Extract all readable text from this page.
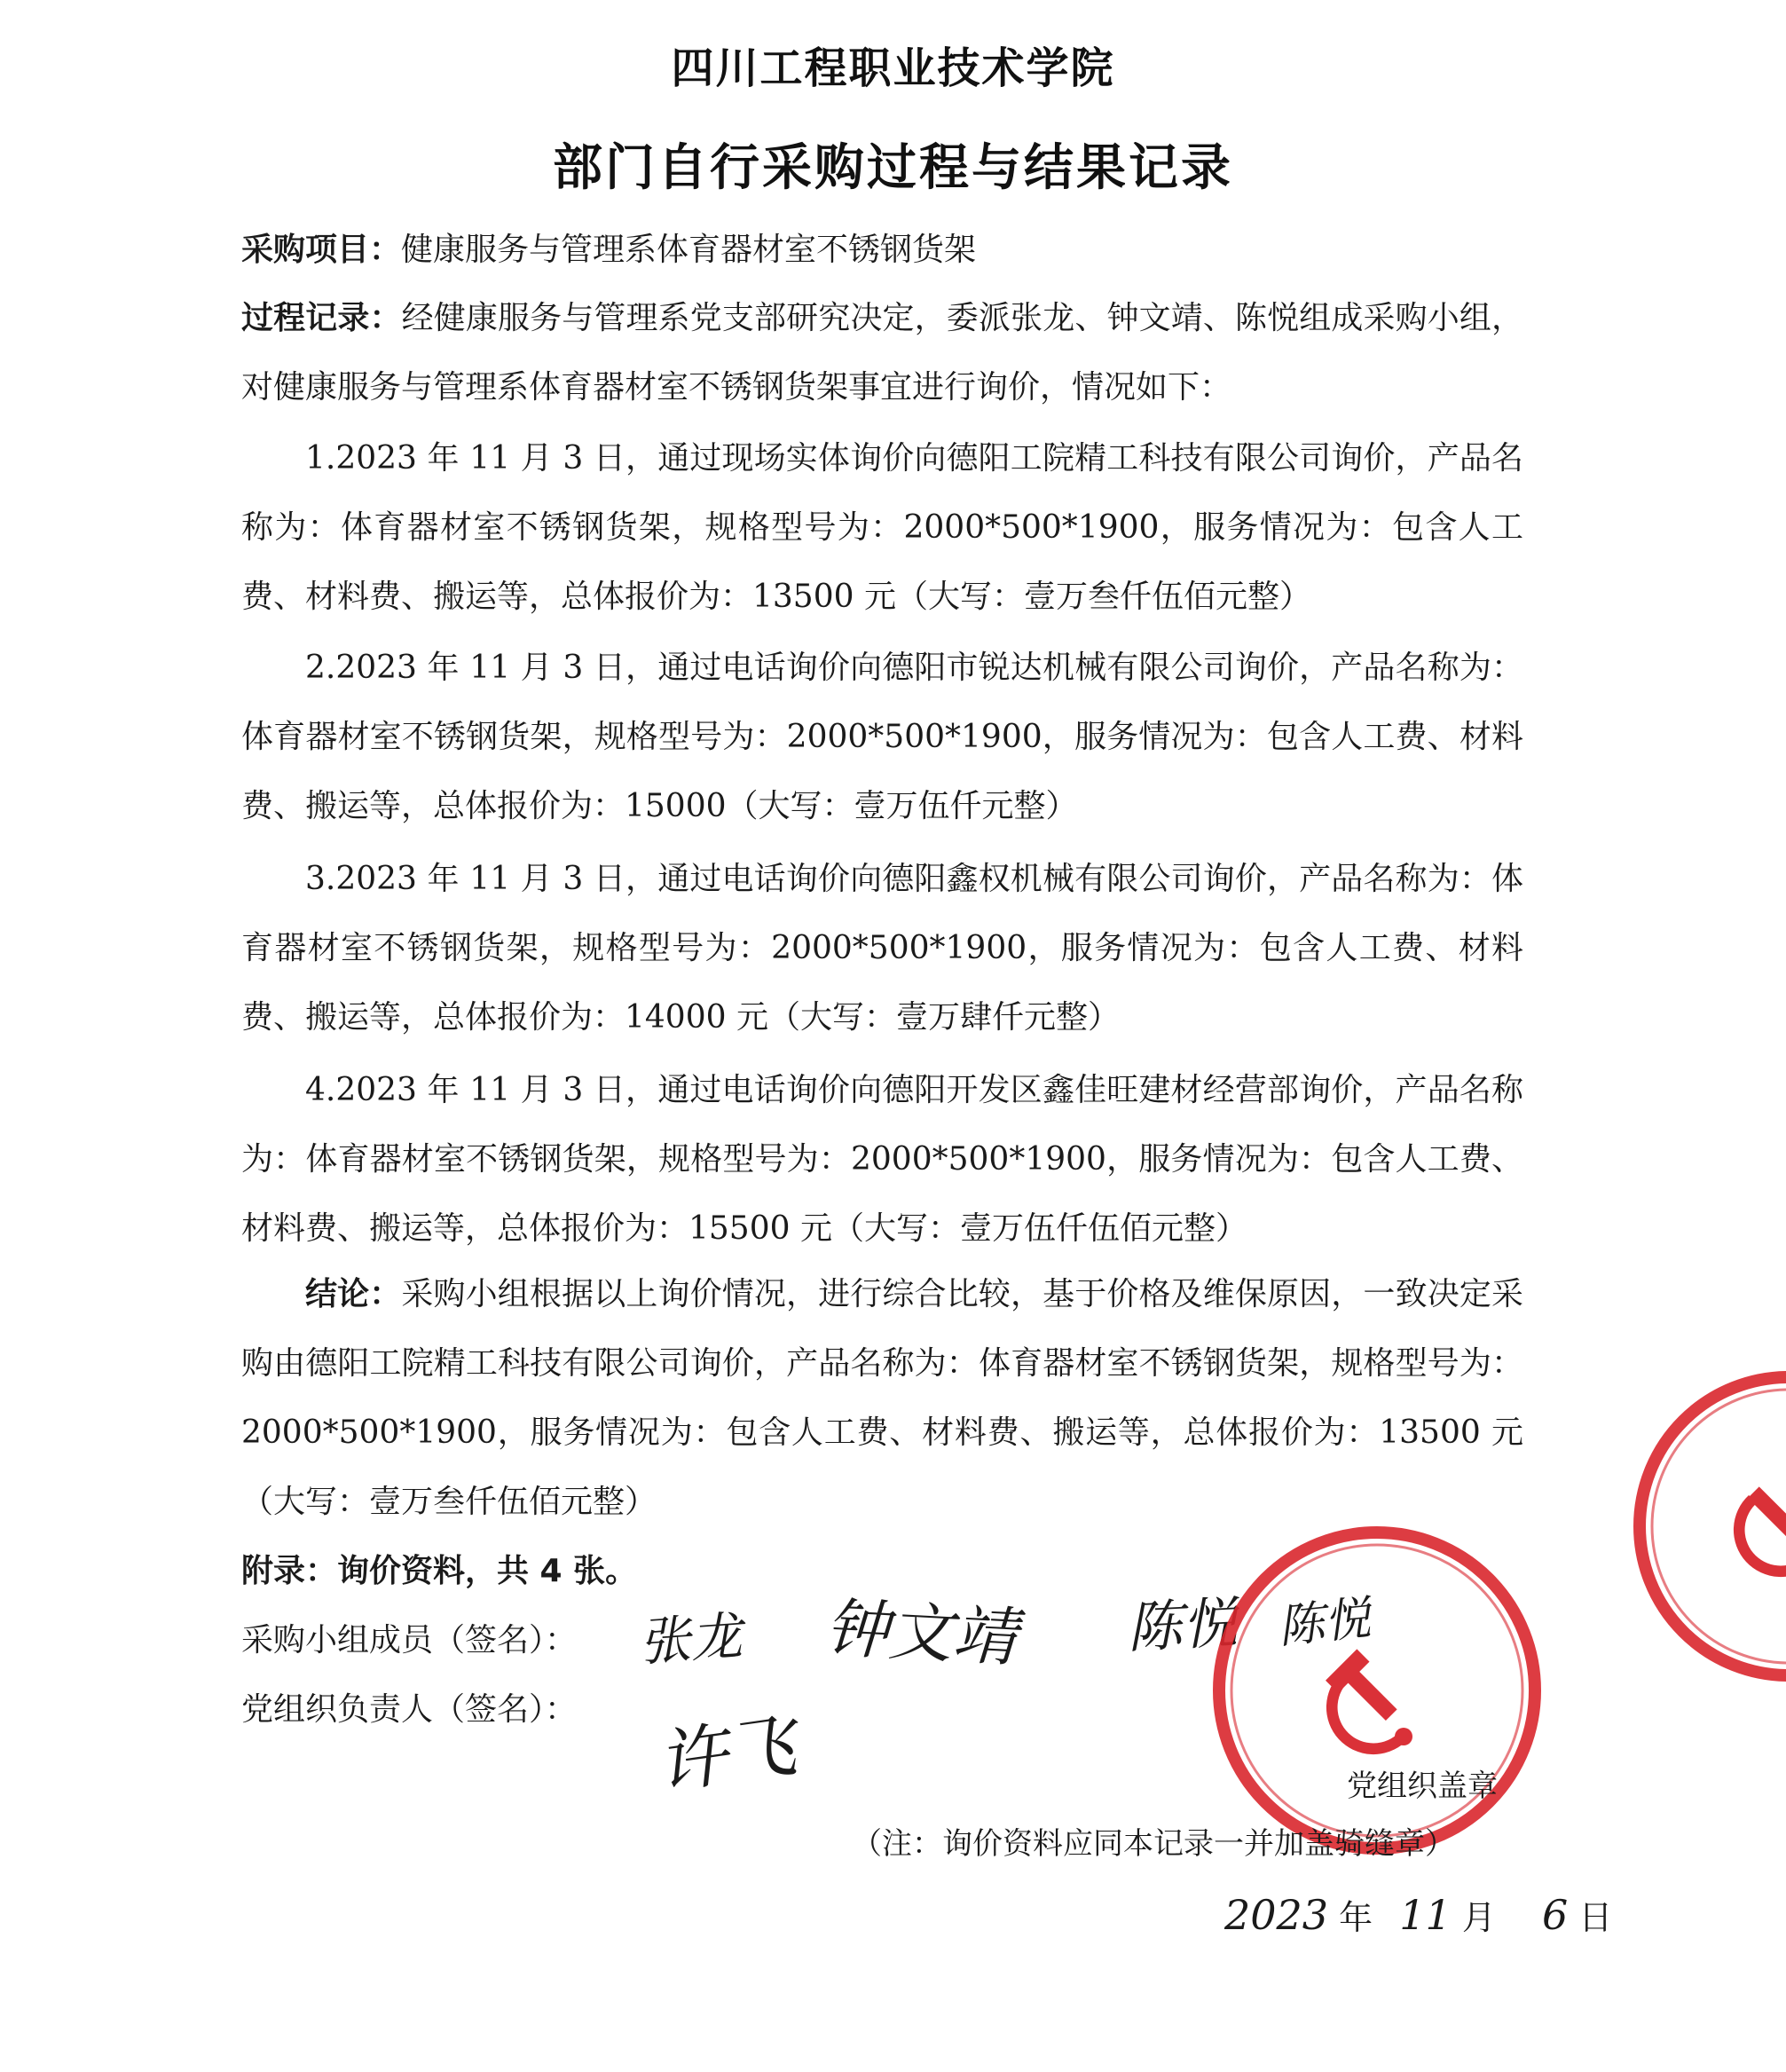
四川工程职业技术学院
部门自行采购过程与结果记录
采购项目：健康服务与管理系体育器材室不锈钢货架
过程记录：经健康服务与管理系党支部研究决定，委派张龙、钟文靖、陈悦组成采购小组，对健康服务与管理系体育器材室不锈钢货架事宜进行询价，情况如下：
1.2023 年 11 月 3 日，通过现场实体询价向德阳工院精工科技有限公司询价，产品名称为：体育器材室不锈钢货架，规格型号为：2000*500*1900，服务情况为：包含人工费、材料费、搬运等，总体报价为：13500 元（大写：壹万叁仟伍佰元整）
2.2023 年 11 月 3 日，通过电话询价向德阳市锐达机械有限公司询价，产品名称为：体育器材室不锈钢货架，规格型号为：2000*500*1900，服务情况为：包含人工费、材料费、搬运等，总体报价为：15000（大写：壹万伍仟元整）
3.2023 年 11 月 3 日，通过电话询价向德阳鑫权机械有限公司询价，产品名称为：体育器材室不锈钢货架，规格型号为：2000*500*1900，服务情况为：包含人工费、材料费、搬运等，总体报价为：14000 元（大写：壹万肆仟元整）
4.2023 年 11 月 3 日，通过电话询价向德阳开发区鑫佳旺建材经营部询价，产品名称为：体育器材室不锈钢货架，规格型号为：2000*500*1900，服务情况为：包含人工费、材料费、搬运等，总体报价为：15500 元（大写：壹万伍仟伍佰元整）
结论：采购小组根据以上询价情况，进行综合比较，基于价格及维保原因，一致决定采购由德阳工院精工科技有限公司询价，产品名称为：体育器材室不锈钢货架，规格型号为：2000*500*1900，服务情况为：包含人工费、材料费、搬运等，总体报价为：13500 元（大写：壹万叁仟伍佰元整）
附录：询价资料，共 4 张。
采购小组成员（签名）：
党组织负责人（签名）：
张龙 钟文靖 陈悦 陈悦
许飞	党组织盖章
（注：询价资料应同本记录一并加盖骑缝章）
2023 年 11 月 6 日
